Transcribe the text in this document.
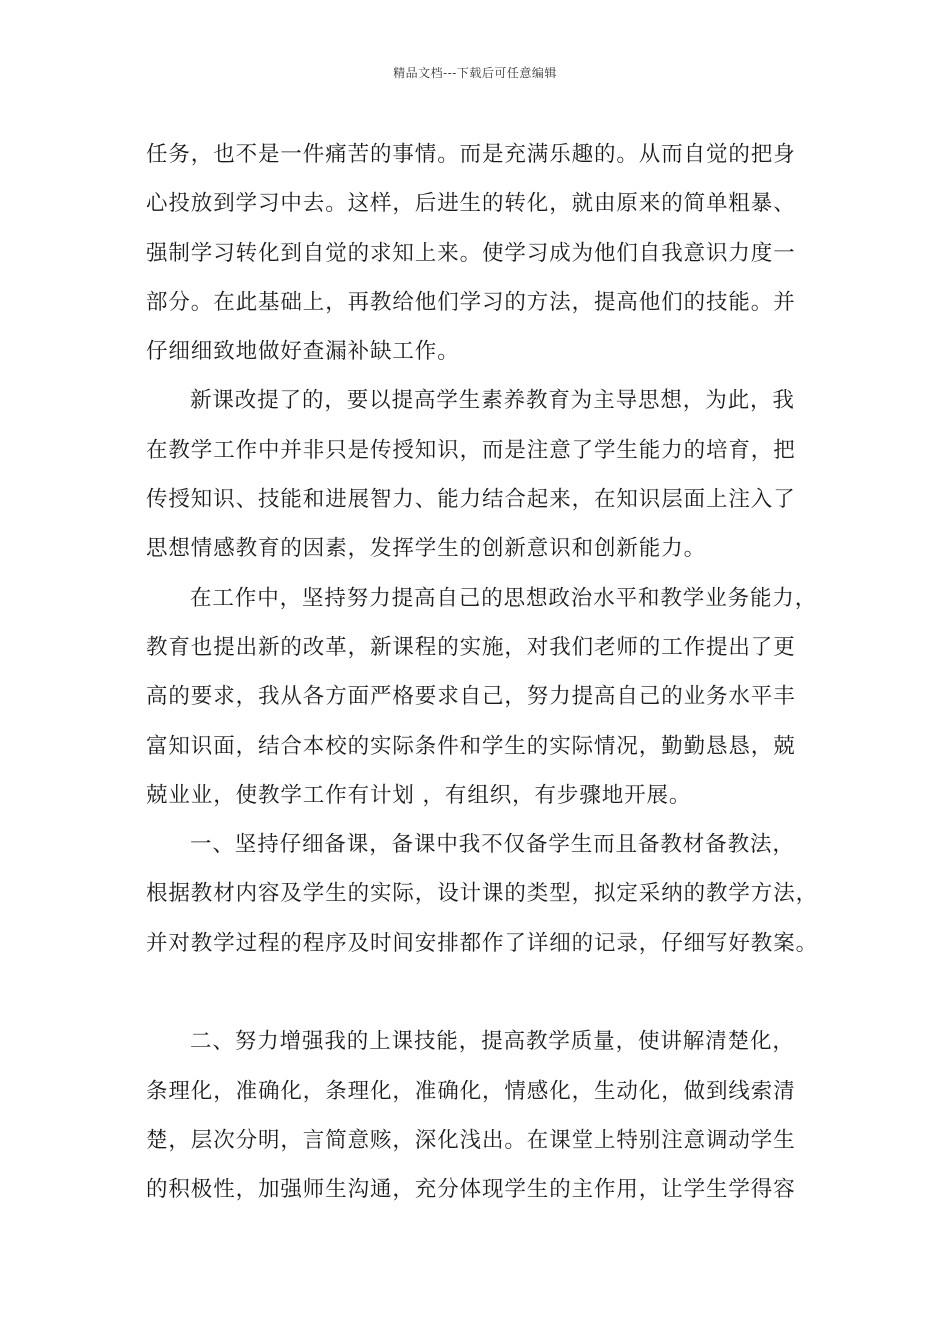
精品文档---下载后可任意编辑
任务，也不是一件痛苦的事情。而是充满乐趣的。从而自觉的把身
心投放到学习中去。这样，后进生的转化，就由原来的简单粗暴、
强制学习转化到自觉的求知上来。使学习成为他们自我意识力度一
部分。在此基础上，再教给他们学习的方法，提高他们的技能。并
仔细细致地做好查漏补缺工作。
新课改提了的，要以提高学生素养教育为主导思想，为此，我
在教学工作中并非只是传授知识，而是注意了学生能力的培育，把
传授知识、技能和进展智力、能力结合起来，在知识层面上注入了
思想情感教育的因素，发挥学生的创新意识和创新能力。
在工作中，坚持努力提高自己的思想政治水平和教学业务能力，
教育也提出新的改革，新课程的实施，对我们老师的工作提出了更
高的要求，我从各方面严格要求自己，努力提高自己的业务水平丰
富知识面，结合本校的实际条件和学生的实际情况，勤勤恳恳，兢
兢业业，使教学工作有计划 ，有组织，有步骤地开展。
一、坚持仔细备课，备课中我不仅备学生而且备教材备教法，
根据教材内容及学生的实际，设计课的类型，拟定采纳的教学方法，
并对教学过程的程序及时间安排都作了详细的记录，仔细写好教案。
二、努力增强我的上课技能，提高教学质量，使讲解清楚化，
条理化，准确化，条理化，准确化，情感化，生动化，做到线索清
楚，层次分明，言简意赅，深化浅出。在课堂上特别注意调动学生
的积极性，加强师生沟通，充分体现学生的主作用，让学生学得容
